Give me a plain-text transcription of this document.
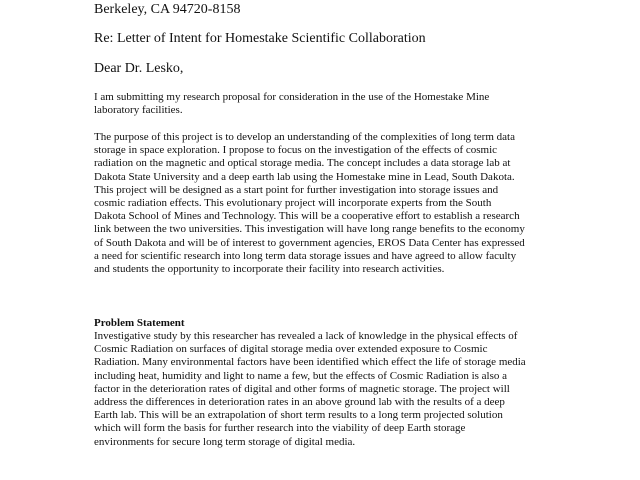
Berkeley, CA 94720-8158
Re: Letter of Intent for Homestake Scientific Collaboration
Dear Dr. Lesko,
I am submitting my research proposal for consideration in the use of the Homestake Mine
laboratory facilities.
The purpose of this project is to develop an understanding of the complexities of long term data
storage in space exploration. I propose to focus on the investigation of the effects of cosmic
radiation on the magnetic and optical storage media. The concept includes a data storage lab at
Dakota State University and a deep earth lab using the Homestake mine in Lead, South Dakota.
This project will be designed as a start point for further investigation into storage issues and
cosmic radiation effects. This evolutionary project will incorporate experts from the South
Dakota School of Mines and Technology. This will be a cooperative effort to establish a research
link between the two universities. This investigation will have long range benefits to the economy
of South Dakota and will be of interest to government agencies, EROS Data Center has expressed
a need for scientific research into long term data storage issues and have agreed to allow faculty
and students the opportunity to incorporate their facility into research activities.
Problem Statement
Investigative study by this researcher has revealed a lack of knowledge in the physical effects of
Cosmic Radiation on surfaces of digital storage media over extended exposure to Cosmic
Radiation. Many environmental factors have been identified which effect the life of storage media
including heat, humidity and light to name a few, but the effects of Cosmic Radiation is also a
factor in the deterioration rates of digital and other forms of magnetic storage. The project will
address the differences in deterioration rates in an above ground lab with the results of a deep
Earth lab. This will be an extrapolation of short term results to a long term projected solution
which will form the basis for further research into the viability of deep Earth storage
environments for secure long term storage of digital media.
